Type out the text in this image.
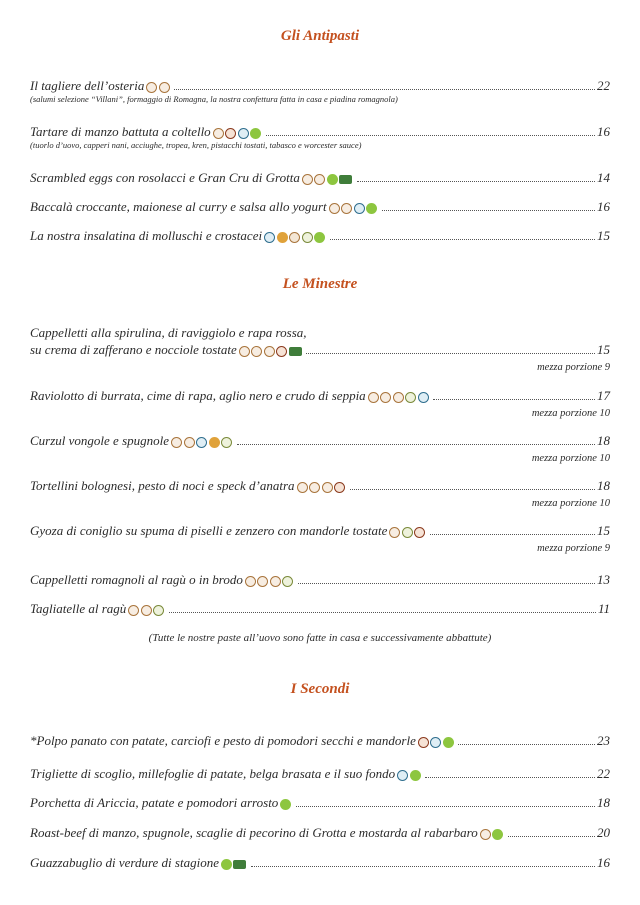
Gli Antipasti
Il tagliere dell’osteria	22
(salumi selezione “Villani”, formaggio di Romagna, la nostra confettura fatta in casa e piadina romagnola)
Tartare di manzo battuta a coltello	16
(tuorlo d’uovo, capperi nani, acciughe, tropea, kren, pistacchi tostati, tabasco e worcester sauce)
Scrambled eggs con rosolacci e Gran Cru di Grotta	14
Baccalà croccante, maionese al curry e salsa allo yogurt	16
La nostra insalatina di molluschi e crostacei	15
Le Minestre
Cappelletti alla spirulina, di raviggiolo e rapa rossa,
su crema di zafferano e nocciole tostate	15
mezza porzione 9
Raviolotto di burrata, cime di rapa, aglio nero e crudo di seppia	17
mezza porzione 10
Curzul vongole e spugnole	18
mezza porzione 10
Tortellini bolognesi, pesto di noci e speck d’anatra	18
mezza porzione 10
Gyoza di coniglio su spuma di piselli e zenzero con mandorle tostate	15
mezza porzione 9
Cappelletti romagnoli al ragù o in brodo	13
Tagliatelle al ragù	11
(Tutte le nostre paste all’uovo sono fatte in casa e successivamente abbattute)
I Secondi
*Polpo panato con patate, carciofi e pesto di pomodori secchi e mandorle	23
Trigliette di scoglio, millefoglie di patate, belga brasata e il suo fondo	22
Porchetta di Ariccia, patate e pomodori arrosto	18
Roast-beef di manzo, spugnole, scaglie di pecorino di Grotta e mostarda al rabarbaro	20
Guazzabuglio di verdure di stagione	16
